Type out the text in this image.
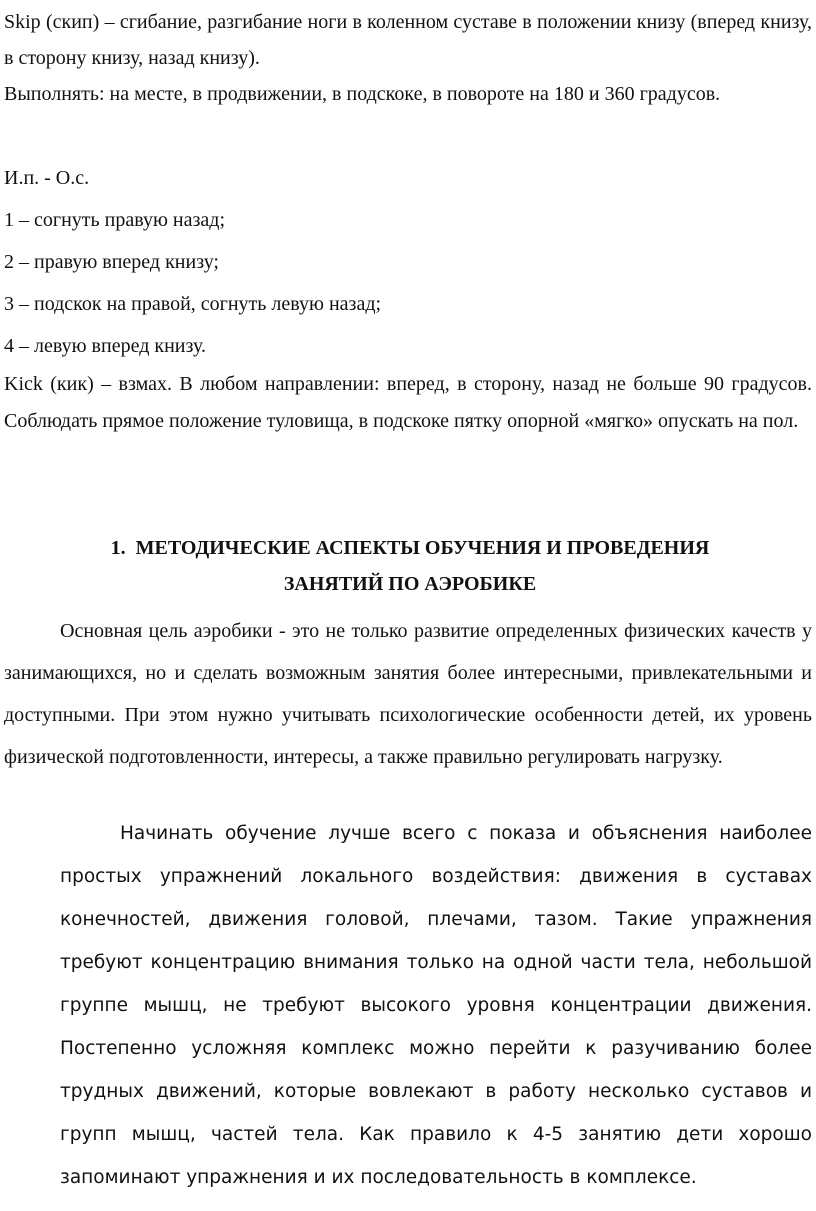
Skip (скип) – сгибание, разгибание ноги в коленном суставе в положении книзу (вперед книзу, в сторону книзу, назад книзу).

Выполнять: на месте, в продвижении, в подскоке, в повороте на 180 и 360 градусов.

И.п. - О.с.

1 – согнуть правую назад;

2 – правую вперед книзу;

3 – подскок на правой, согнуть левую назад;

4 – левую вперед книзу.

Kick (кик) – взмах. В любом направлении: вперед, в сторону, назад не больше 90 градусов. Соблюдать прямое положение туловища, в подскоке пятку опорной «мягко» опускать на пол.

1. МЕТОДИЧЕСКИЕ АСПЕКТЫ ОБУЧЕНИЯ И ПРОВЕДЕНИЯ
ЗАНЯТИЙ ПО АЭРОБИКЕ

Основная цель аэробики - это не только развитие определенных физических качеств у занимающихся, но и сделать возможным занятия более интересными, привлекательными и доступными. При этом нужно учитывать психологические особенности детей, их уровень физической подготовленности, интересы, а также правильно регулировать нагрузку.

Начинать обучение лучше всего с показа и объяснения наиболее простых упражнений локального воздействия: движения в суставах конечностей, движения головой, плечами, тазом. Такие упражнения требуют концентрацию внимания только на одной части тела, небольшой группе мышц, не требуют высокого уровня концентрации движения. Постепенно усложняя комплекс можно перейти к разучиванию более трудных движений, которые вовлекают в работу несколько суставов и групп мышц, частей тела. Как правило к 4-5 занятию дети хорошо запоминают упражнения и их последовательность в комплексе.
